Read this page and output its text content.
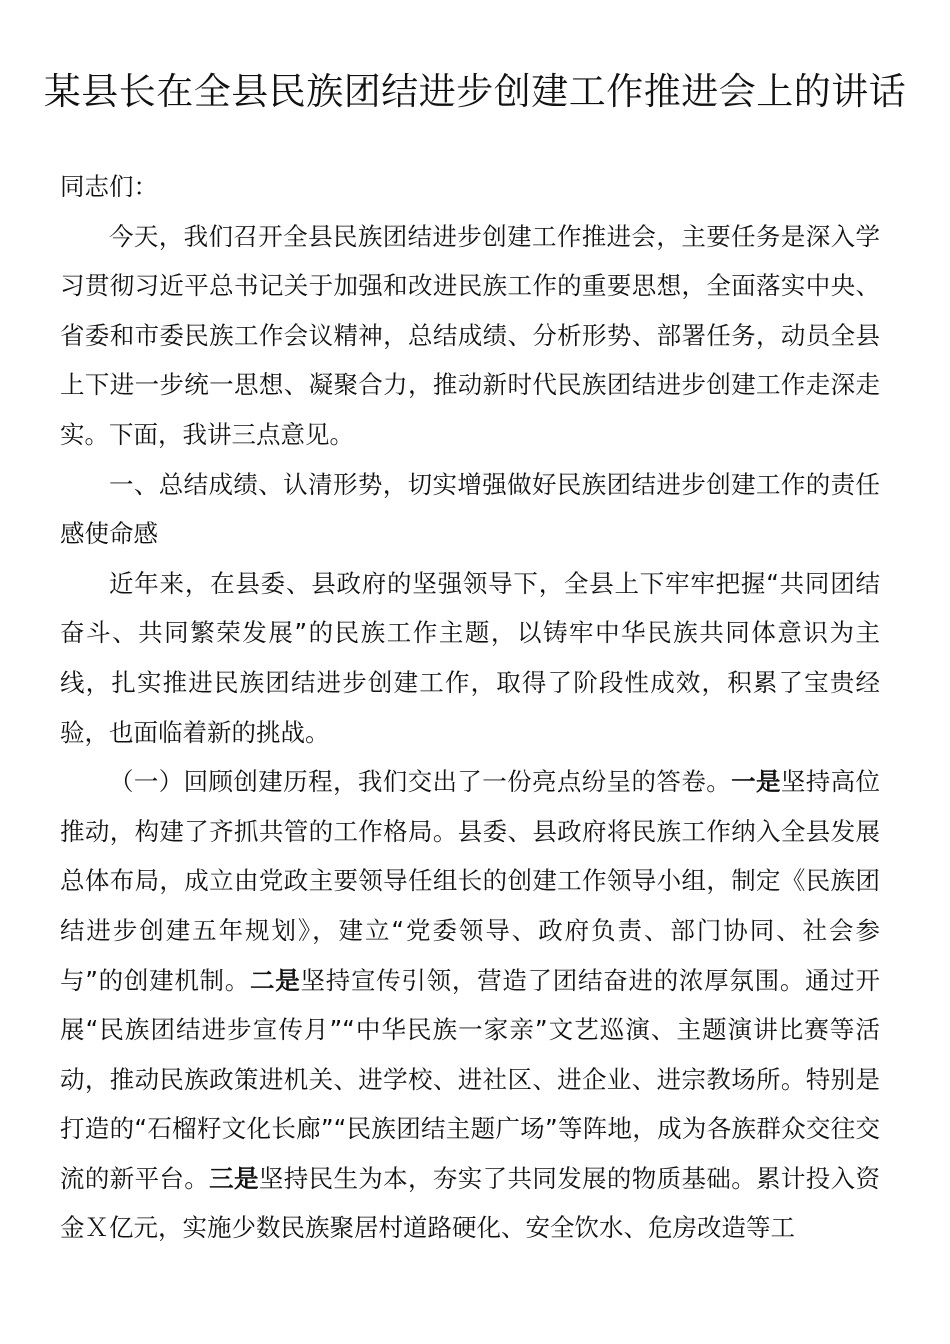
某县长在全县民族团结进步创建工作推进会上的讲话

同志们：

今天，我们召开全县民族团结进步创建工作推进会，主要任务是深入学习贯彻习近平总书记关于加强和改进民族工作的重要思想，全面落实中央、省委和市委民族工作会议精神，总结成绩、分析形势、部署任务，动员全县上下进一步统一思想、凝聚合力，推动新时代民族团结进步创建工作走深走实。下面，我讲三点意见。

一、总结成绩、认清形势，切实增强做好民族团结进步创建工作的责任感使命感

近年来，在县委、县政府的坚强领导下，全县上下牢牢把握“共同团结奋斗、共同繁荣发展”的民族工作主题，以铸牢中华民族共同体意识为主线，扎实推进民族团结进步创建工作，取得了阶段性成效，积累了宝贵经验，也面临着新的挑战。

（一）回顾创建历程，我们交出了一份亮点纷呈的答卷。一是坚持高位推动，构建了齐抓共管的工作格局。县委、县政府将民族工作纳入全县发展总体布局，成立由党政主要领导任组长的创建工作领导小组，制定《民族团结进步创建五年规划》，建立“党委领导、政府负责、部门协同、社会参与”的创建机制。二是坚持宣传引领，营造了团结奋进的浓厚氛围。通过开展“民族团结进步宣传月”“中华民族一家亲”文艺巡演、主题演讲比赛等活动，推动民族政策进机关、进学校、进社区、进企业、进宗教场所。特别是打造的“石榴籽文化长廊”“民族团结主题广场”等阵地，成为各族群众交往交流的新平台。三是坚持民生为本，夯实了共同发展的物质基础。累计投入资金Ｘ亿元，实施少数民族聚居村道路硬化、安全饮水、危房改造等工
